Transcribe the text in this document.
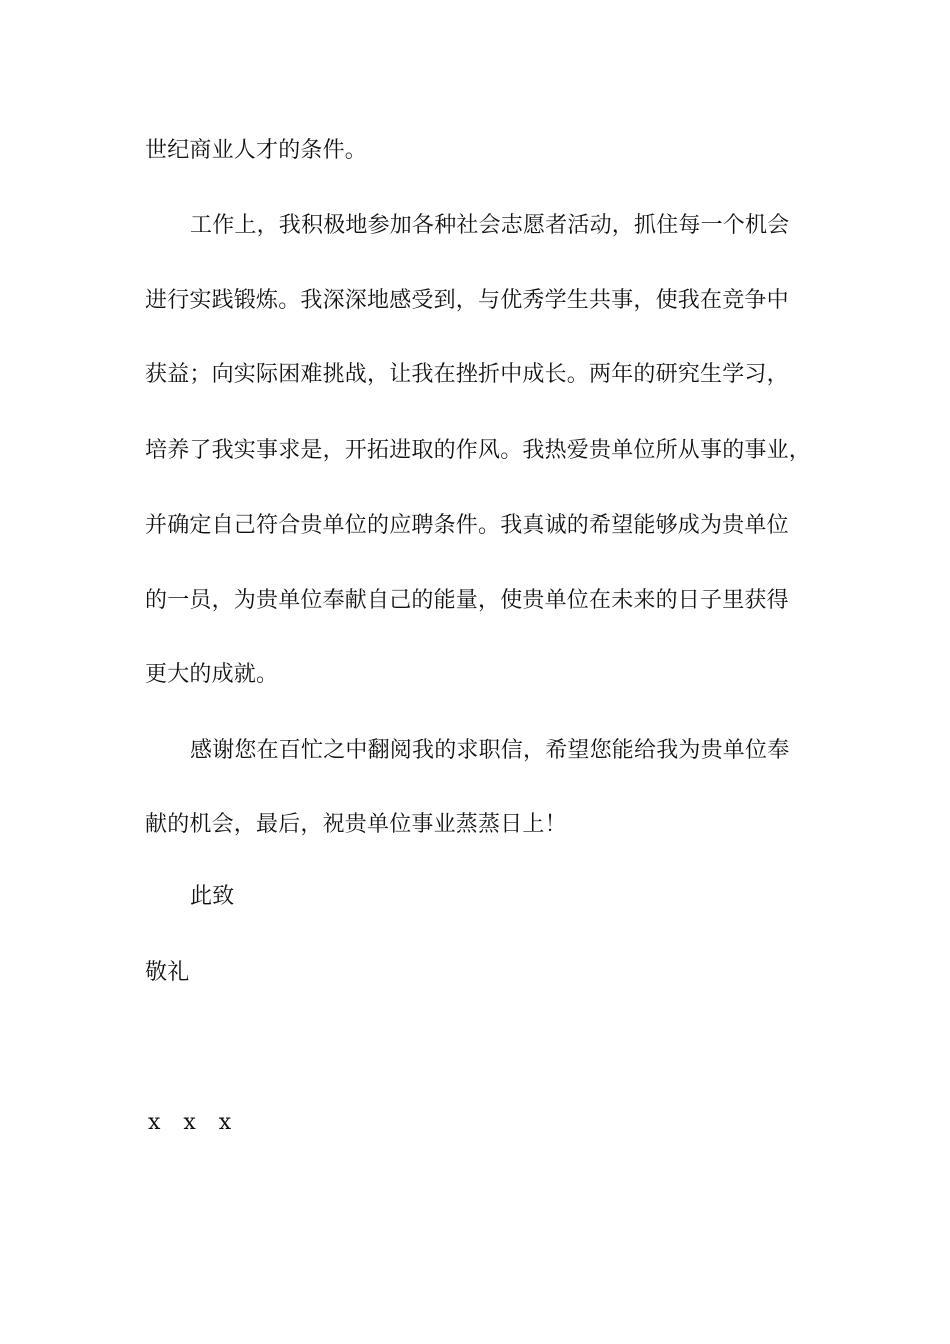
世纪商业人才的条件。
工作上，我积极地参加各种社会志愿者活动，抓住每一个机会
进行实践锻炼。我深深地感受到，与优秀学生共事，使我在竞争中
获益；向实际困难挑战，让我在挫折中成长。两年的研究生学习，
培养了我实事求是，开拓进取的作风。我热爱贵单位所从事的事业，
并确定自己符合贵单位的应聘条件。我真诚的希望能够成为贵单位
的一员，为贵单位奉献自己的能量，使贵单位在未来的日子里获得
更大的成就。
感谢您在百忙之中翻阅我的求职信，希望您能给我为贵单位奉
献的机会，最后，祝贵单位事业蒸蒸日上！
此致
敬礼
x x x
